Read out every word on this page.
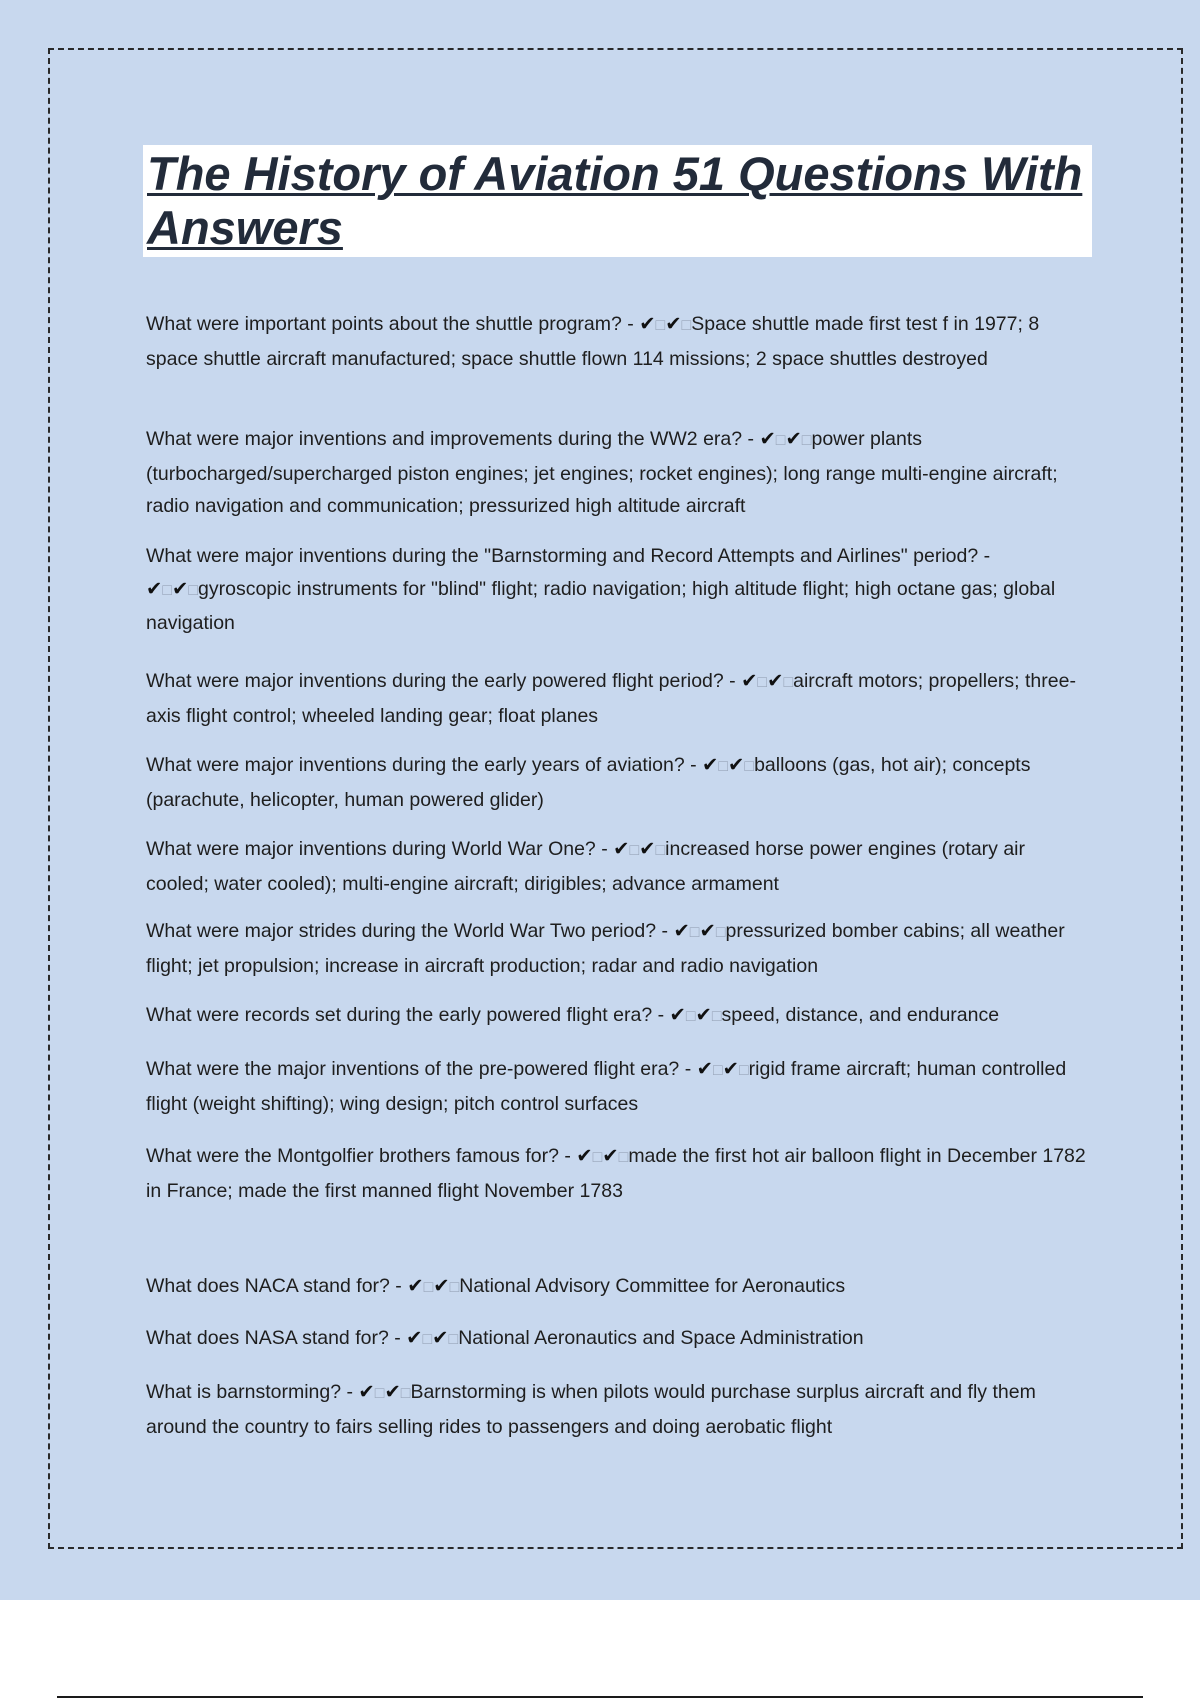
The History of Aviation 51 Questions With Answers

What were important points about the shuttle program? - ✔□✔□Space shuttle made first test f in 1977; 8 space shuttle aircraft manufactured; space shuttle flown 114 missions; 2 space shuttles destroyed

What were major inventions and improvements during the WW2 era? - ✔□✔□power plants (turbocharged/supercharged piston engines; jet engines; rocket engines); long range multi-engine aircraft; radio navigation and communication; pressurized high altitude aircraft

What were major inventions during the "Barnstorming and Record Attempts and Airlines" period? - ✔□✔□gyroscopic instruments for "blind" flight; radio navigation; high altitude flight; high octane gas; global navigation

What were major inventions during the early powered flight period? - ✔□✔□aircraft motors; propellers; three-axis flight control; wheeled landing gear; float planes

What were major inventions during the early years of aviation? - ✔□✔□balloons (gas, hot air); concepts (parachute, helicopter, human powered glider)

What were major inventions during World War One? - ✔□✔□increased horse power engines (rotary air cooled; water cooled); multi-engine aircraft; dirigibles; advance armament

What were major strides during the World War Two period? - ✔□✔□pressurized bomber cabins; all weather flight; jet propulsion; increase in aircraft production; radar and radio navigation

What were records set during the early powered flight era? - ✔□✔□speed, distance, and endurance

What were the major inventions of the pre-powered flight era? - ✔□✔□rigid frame aircraft; human controlled flight (weight shifting); wing design; pitch control surfaces

What were the Montgolfier brothers famous for? - ✔□✔□made the first hot air balloon flight in December 1782 in France; made the first manned flight November 1783

What does NACA stand for? - ✔□✔□National Advisory Committee for Aeronautics

What does NASA stand for? - ✔□✔□National Aeronautics and Space Administration

What is barnstorming? - ✔□✔□Barnstorming is when pilots would purchase surplus aircraft and fly them around the country to fairs selling rides to passengers and doing aerobatic flight
